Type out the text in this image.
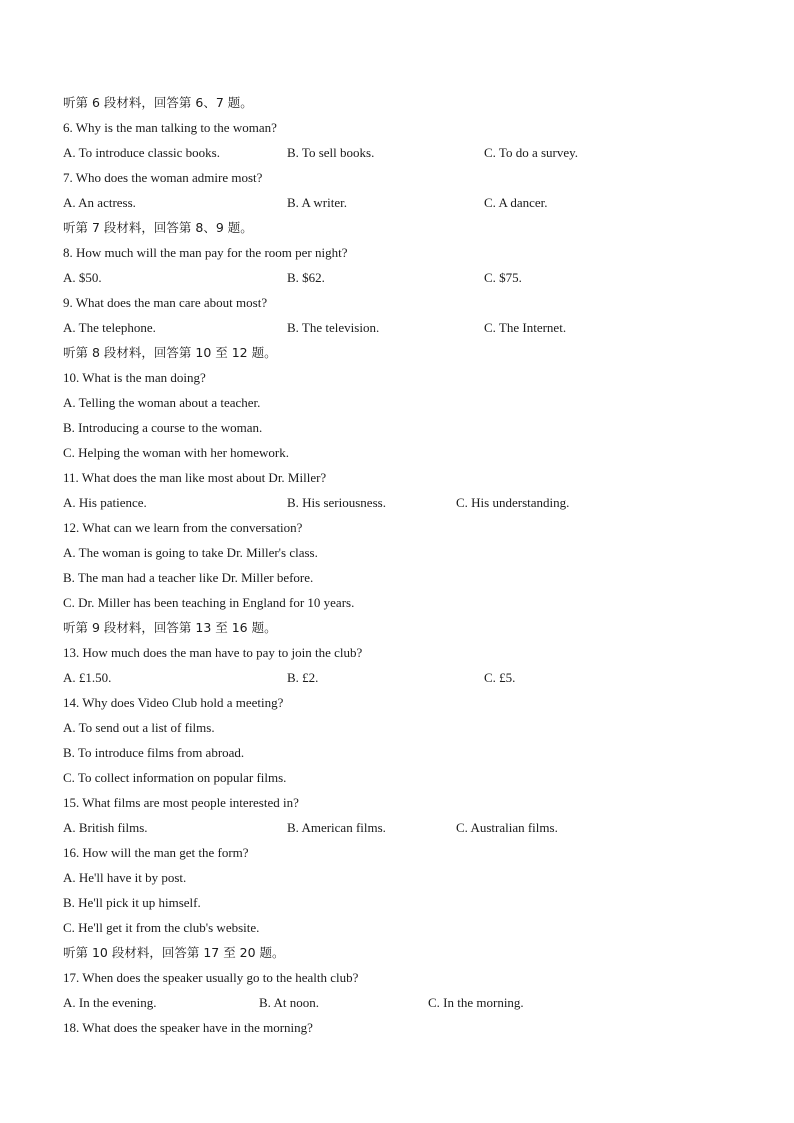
听第 6 段材料，回答第 6、7 题。
6. Why is the man talking to the woman?
A. To introduce classic books.	B. To sell books.	C. To do a survey.
7. Who does the woman admire most?
A. An actress.	B. A writer.	C. A dancer.
听第 7 段材料，回答第 8、9 题。
8. How much will the man pay for the room per night?
A. $50.	B. $62.	C. $75.
9. What does the man care about most?
A. The telephone.	B. The television.	C. The Internet.
听第 8 段材料，回答第 10 至 12 题。
10. What is the man doing?
A. Telling the woman about a teacher.
B. Introducing a course to the woman.
C. Helping the woman with her homework.
11. What does the man like most about Dr. Miller?
A. His patience.	B. His seriousness.	C. His understanding.
12. What can we learn from the conversation?
A. The woman is going to take Dr. Miller's class.
B. The man had a teacher like Dr. Miller before.
C. Dr. Miller has been teaching in England for 10 years.
听第 9 段材料，回答第 13 至 16 题。
13. How much does the man have to pay to join the club?
A. £1.50.	B. £2.	C. £5.
14. Why does Video Club hold a meeting?
A. To send out a list of films.
B. To introduce films from abroad.
C. To collect information on popular films.
15. What films are most people interested in?
A. British films.	B. American films.	C. Australian films.
16. How will the man get the form?
A. He'll have it by post.
B. He'll pick it up himself.
C. He'll get it from the club's website.
听第 10 段材料，回答第 17 至 20 题。
17. When does the speaker usually go to the health club?
A. In the evening.	B. At noon.	C. In the morning.
18. What does the speaker have in the morning?
